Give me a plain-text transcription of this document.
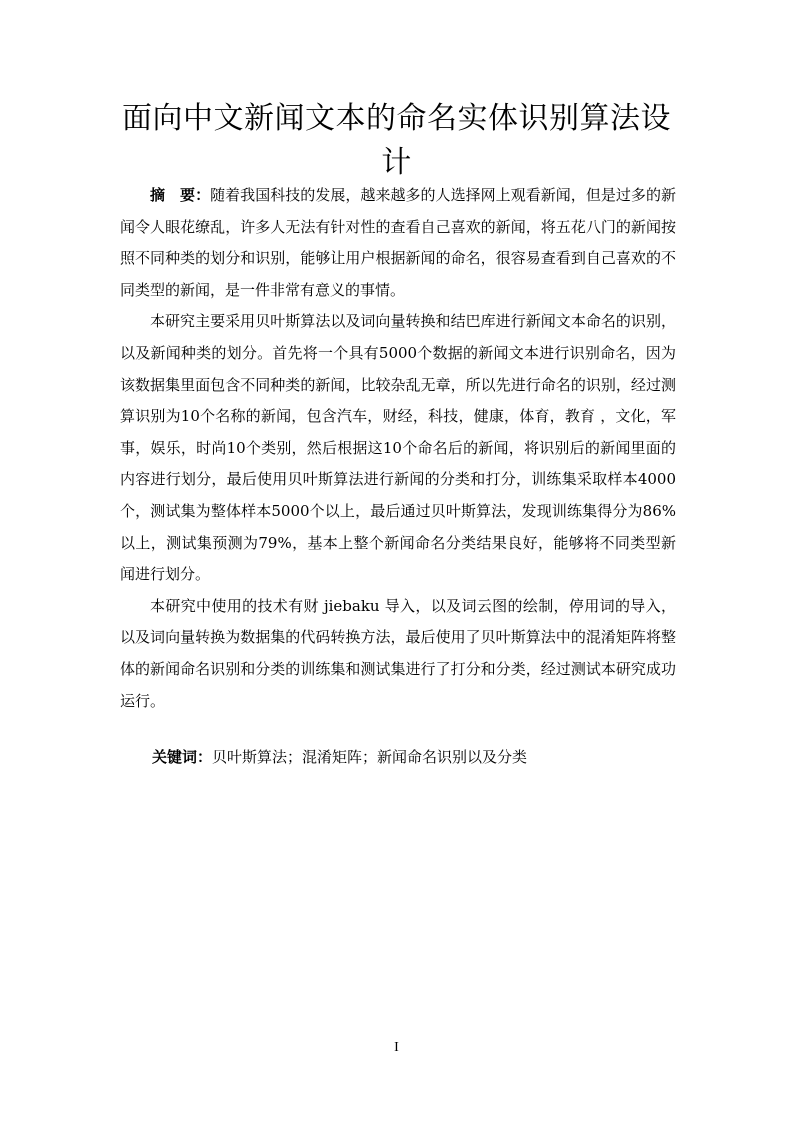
面向中文新闻文本的命名实体识别算法设计

摘　要：随着我国科技的发展，越来越多的人选择网上观看新闻，但是过多的新闻令人眼花缭乱，许多人无法有针对性的查看自己喜欢的新闻，将五花八门的新闻按照不同种类的划分和识别，能够让用户根据新闻的命名，很容易查看到自己喜欢的不同类型的新闻，是一件非常有意义的事情。

本研究主要采用贝叶斯算法以及词向量转换和结巴库进行新闻文本命名的识别，以及新闻种类的划分。首先将一个具有5000个数据的新闻文本进行识别命名，因为该数据集里面包含不同种类的新闻，比较杂乱无章，所以先进行命名的识别，经过测算识别为10个名称的新闻，包含汽车，财经，科技，健康，体育，教育 ，文化，军事，娱乐，时尚10个类别，然后根据这10个命名后的新闻，将识别后的新闻里面的内容进行划分，最后使用贝叶斯算法进行新闻的分类和打分，训练集采取样本4000个，测试集为整体样本5000个以上，最后通过贝叶斯算法，发现训练集得分为86%以上，测试集预测为79%，基本上整个新闻命名分类结果良好，能够将不同类型新闻进行划分。

本研究中使用的技术有财 jiebaku 导入，以及词云图的绘制，停用词的导入，以及词向量转换为数据集的代码转换方法，最后使用了贝叶斯算法中的混淆矩阵将整体的新闻命名识别和分类的训练集和测试集进行了打分和分类，经过测试本研究成功运行。

关键词：贝叶斯算法；混淆矩阵；新闻命名识别以及分类

I
